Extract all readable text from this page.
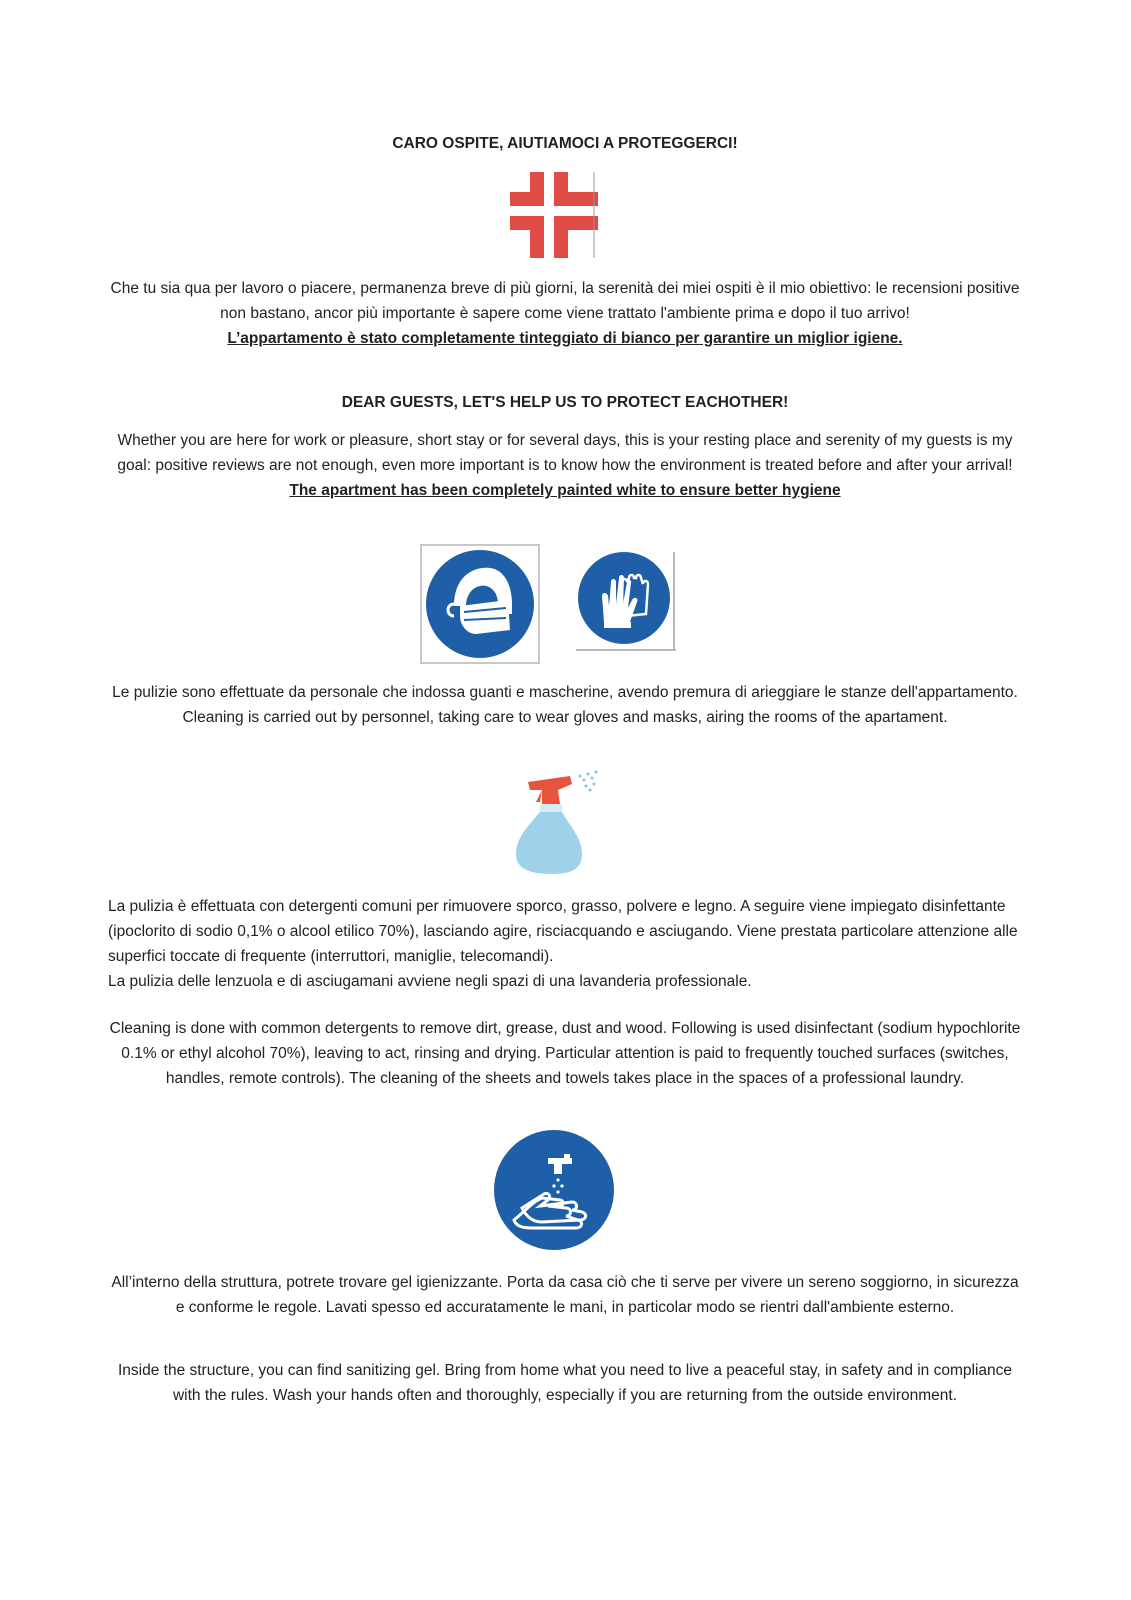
CARO OSPITE, AIUTIAMOCI A PROTEGGERCI!

Che tu sia qua per lavoro o piacere, permanenza breve di più giorni, la serenità dei miei ospiti è il mio obiettivo: le recensioni positive non bastano, ancor più importante è sapere come viene trattato l'ambiente prima e dopo il tuo arrivo!

L’appartamento è stato completamente tinteggiato di bianco per garantire un miglior igiene.

DEAR GUESTS, LET'S HELP US TO PROTECT EACHOTHER!

Whether you are here for work or pleasure, short stay or for several days, this is your resting place and serenity of my guests is my goal: positive reviews are not enough, even more important is to know how the environment is treated before and after your arrival!

The apartment has been completely painted white to ensure better hygiene

Le pulizie sono effettuate da personale che indossa guanti e mascherine, avendo premura di arieggiare le stanze dell'appartamento.

Cleaning is carried out by personnel, taking care to wear gloves and masks, airing the rooms of the apartament.

La pulizia è effettuata con detergenti comuni per rimuovere sporco, grasso, polvere e legno. A seguire viene impiegato disinfettante (ipoclorito di sodio 0,1% o alcool etilico 70%), lasciando agire, risciacquando e asciugando. Viene prestata particolare attenzione alle superfici toccate di frequente (interruttori, maniglie, telecomandi).

La pulizia delle lenzuola e di asciugamani avviene negli spazi di una lavanderia professionale.

Cleaning is done with common detergents to remove dirt, grease, dust and wood. Following is used disinfectant (sodium hypochlorite 0.1% or ethyl alcohol 70%), leaving to act, rinsing and drying. Particular attention is paid to frequently touched surfaces (switches, handles, remote controls). The cleaning of the sheets and towels takes place in the spaces of a professional laundry.

All’interno della struttura, potrete trovare gel igienizzante. Porta da casa ciò che ti serve per vivere un sereno soggiorno, in sicurezza e conforme le regole. Lavati spesso ed accuratamente le mani, in particolar modo se rientri dall'ambiente esterno.

Inside the structure, you can find sanitizing gel. Bring from home what you need to live a peaceful stay, in safety and in compliance with the rules. Wash your hands often and thoroughly, especially if you are returning from the outside environment.
